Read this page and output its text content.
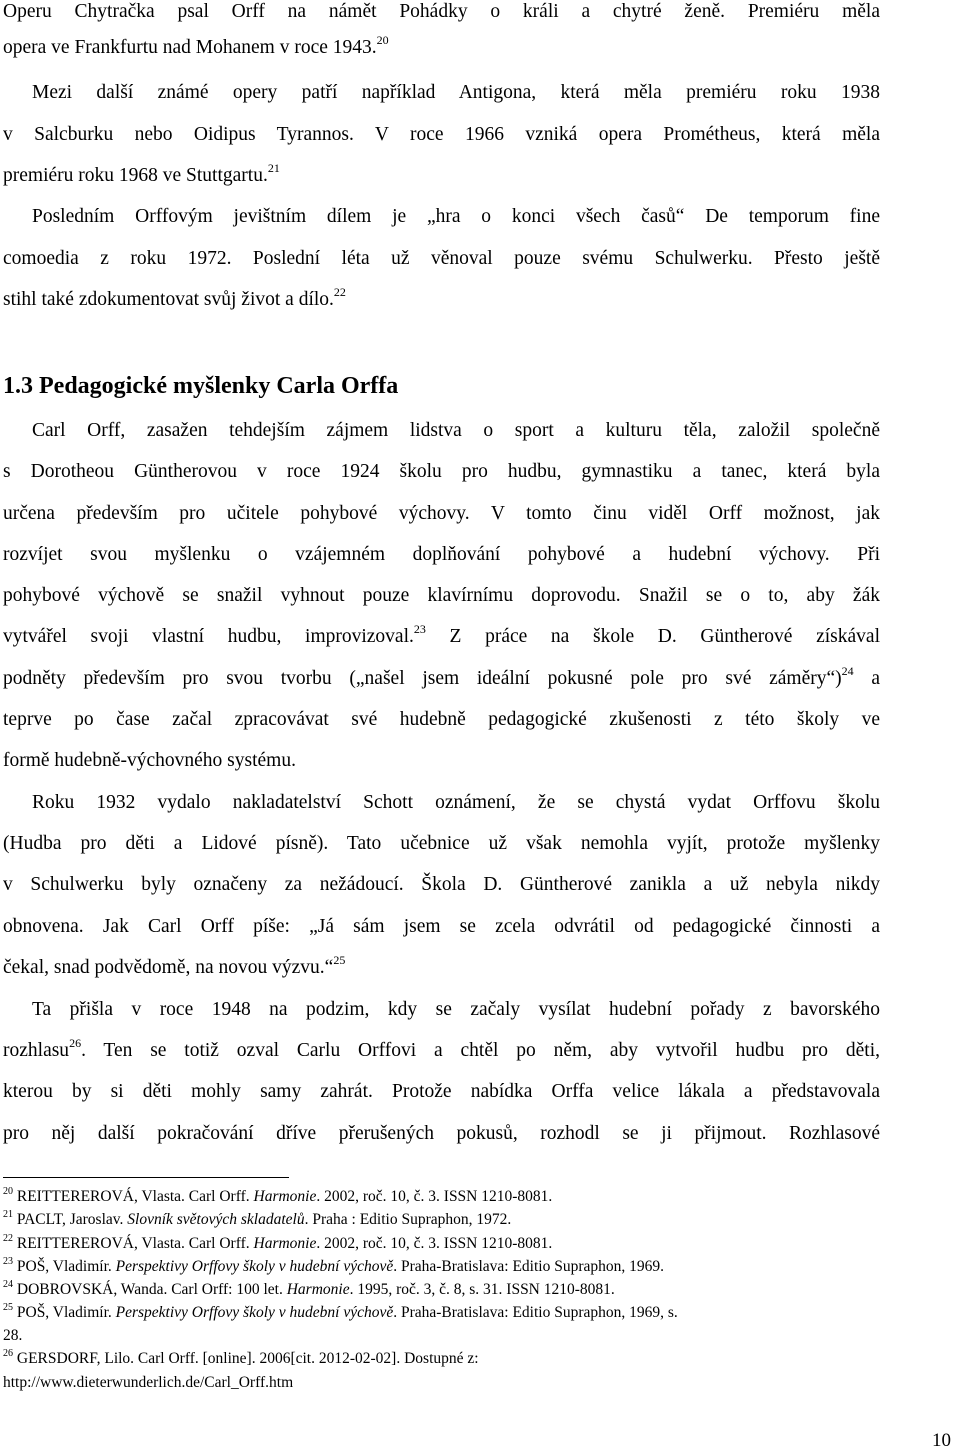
Operu Chytračka psal Orff na námět Pohádky o králi a chytré ženě. Premiéru měla
opera ve Frankfurtu nad Mohanem v roce 1943.20
Mezi další známé opery patří například Antigona, která měla premiéru roku 1938
v Salcburku nebo Oidipus Tyrannos. V roce 1966 vzniká opera Prométheus, která měla
premiéru roku 1968 ve Stuttgartu.$^{21}$
Posledním Orffovým jevištním dílem je „hra o konci všech časů“ De temporum fine
comoedia z roku 1972. Poslední léta už věnoval pouze svému Schulwerku. Přesto ještě
stihl také zdokumentovat svůj život a dílo.$^{22}$
1.3 Pedagogické myšlenky Carla Orffa
Carl Orff, zasažen tehdejším zájmem lidstva o sport a kulturu těla, založil společně
s Dorotheou Güntherovou v roce 1924 školu pro hudbu, gymnastiku a tanec, která byla
určena především pro učitele pohybové výchovy. V tomto činu viděl Orff možnost, jak
rozvíjet svou myšlenku o vzájemném doplňování pohybové a hudební výchovy. Při
pohybové výchově se snažil vyhnout pouze klavírnímu doprovodu. Snažil se o to, aby žák
vytvářel svoji vlastní hudbu, improvizoval.$^{23}$ Z práce na škole D. Güntherové získával
podněty především pro svou tvorbu („našel jsem ideální pokusné pole pro své záměry“)$^{24}$ a
teprve po čase začal zpracovávat své hudebně pedagogické zkušenosti z této školy ve
formě hudebně-výchovného systému.
Roku 1932 vydalo nakladatelství Schott oznámení, že se chystá vydat Orffovu školu
(Hudba pro děti a Lidové písně). Tato učebnice už však nemohla vyjít, protože myšlenky
v Schulwerku byly označeny za nežádoucí. Škola D. Güntherové zanikla a už nebyla nikdy
obnovena. Jak Carl Orff píše: „Já sám jsem se zcela odvrátil od pedagogické činnosti a
čekal, snad podvědomě, na novou výzvu.“$^{25}$
Ta přišla v roce 1948 na podzim, kdy se začaly vysílat hudební pořady z bavorského
rozhlasu$^{26}$. Ten se totiž ozval Carlu Orffovi a chtěl po něm, aby vytvořil hudbu pro děti,
kterou by si děti mohly samy zahrát. Protože nabídka Orffa velice lákala a představovala
pro něj další pokračování dříve přerušených pokusů, rozhodl se ji přijmout. Rozhlasové
$^{20}$ REITTEREROVÁ, Vlasta. Carl Orff. Harmonie. 2002, roč. 10, č. 3. ISSN 1210-8081.
$^{21}$ PACLT, Jaroslav. Slovník světových skladatelů. Praha : Editio Supraphon, 1972.
$^{22}$ REITTEREROVÁ, Vlasta. Carl Orff. Harmonie. 2002, roč. 10, č. 3. ISSN 1210-8081.
$^{23}$ POŠ, Vladimír. Perspektivy Orffovy školy v hudební výchově. Praha-Bratislava: Editio Supraphon, 1969.
$^{24}$ DOBROVSKÁ, Wanda. Carl Orff: 100 let. Harmonie. 1995, roč. 3, č. 8, s. 31. ISSN 1210-8081.
$^{25}$ POŠ, Vladimír. Perspektivy Orffovy školy v hudební výchově. Praha-Bratislava: Editio Supraphon, 1969, s.
28.
$^{26}$ GERSDORF, Lilo. Carl Orff. [online]. 2006[cit. 2012-02-02]. Dostupné z:
http://www.dieterwunderlich.de/Carl_Orff.htm
10
